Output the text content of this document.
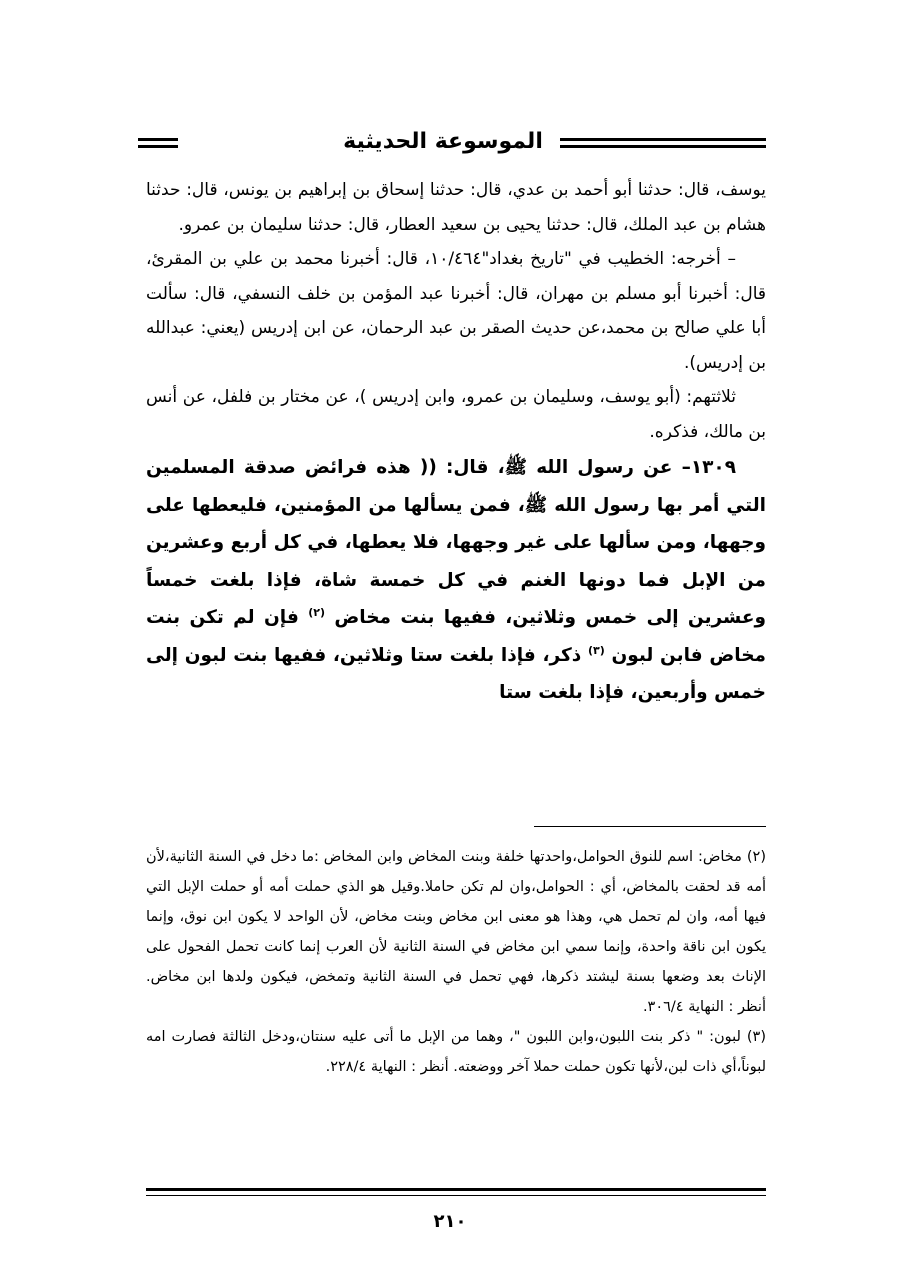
الموسوعة الحديثية

يوسف، قال: حدثنا أبو أحمد بن عدي، قال: حدثنا إسحاق بن إبراهيم بن يونس، قال: حدثنا هشام بن عبد الملك، قال: حدثنا يحيى بن سعيد العطار، قال: حدثنا سليمان بن عمرو.

– أخرجه: الخطيب في "تاريخ بغداد"١٠/٤٦٤، قال: أخبرنا محمد بن علي بن المقرئ، قال: أخبرنا أبو مسلم بن مهران، قال: أخبرنا عبد المؤمن بن خلف النسفي، قال: سألت أبا علي صالح بن محمد،عن حديث الصقر بن عبد الرحمان، عن ابن إدريس (يعني: عبدالله بن إدريس).

ثلاثتهم: (أبو يوسف، وسليمان بن عمرو، وابن إدريس )، عن مختار بن فلفل، عن أنس بن مالك، فذكره.

١٣٠٩– عن رسول الله ﷺ، قال: (( هذه فرائض صدقة المسلمين التي أمر بها رسول الله ﷺ، فمن يسألها من المؤمنين، فليعطها على وجهها، ومن سألها على غير وجهها، فلا يعطها، في كل أربع وعشرين من الإبل فما دونها الغنم في كل خمسة شاة، فإذا بلغت خمساً وعشرين إلى خمس وثلاثين، ففيها بنت مخاض $^{(٢)}$ فإن لم تكن بنت مخاض فابن لبون $^{(٣)}$ ذكر، فإذا بلغت ستا وثلاثين، ففيها بنت لبون إلى خمس وأربعين، فإذا بلغت ستا

(٢) مخاض: اسم للنوق الحوامل،واحدتها خلفة وبنت المخاض وابن المخاض :ما دخل في السنة الثانية،لأن أمه قد لحقت بالمخاض، أي : الحوامل،وان لم تكن حاملا.وقيل هو الذي حملت أمه أو حملت الإبل التي فيها أمه، وان لم تحمل هي، وهذا هو معنى ابن مخاض وبنت مخاض، لأن الواحد لا يكون ابن نوق، وإنما يكون ابن ناقة واحدة، وإنما سمي ابن مخاض في السنة الثانية لأن العرب إنما كانت تحمل الفحول على الإناث بعد وضعها بسنة ليشتد ذكرها، فهي تحمل في السنة الثانية وتمخض، فيكون ولدها ابن مخاض. أنظر : النهاية ٣٠٦/٤.

(٣) لبون: " ذكر بنت اللبون،وابن اللبون "، وهما من الإبل ما أتى عليه سنتان،ودخل الثالثة فصارت امه لبوناً،أي ذات لبن،لأنها تكون حملت حملا آخر ووضعته. أنظر : النهاية ٢٢٨/٤.

٢١٠
